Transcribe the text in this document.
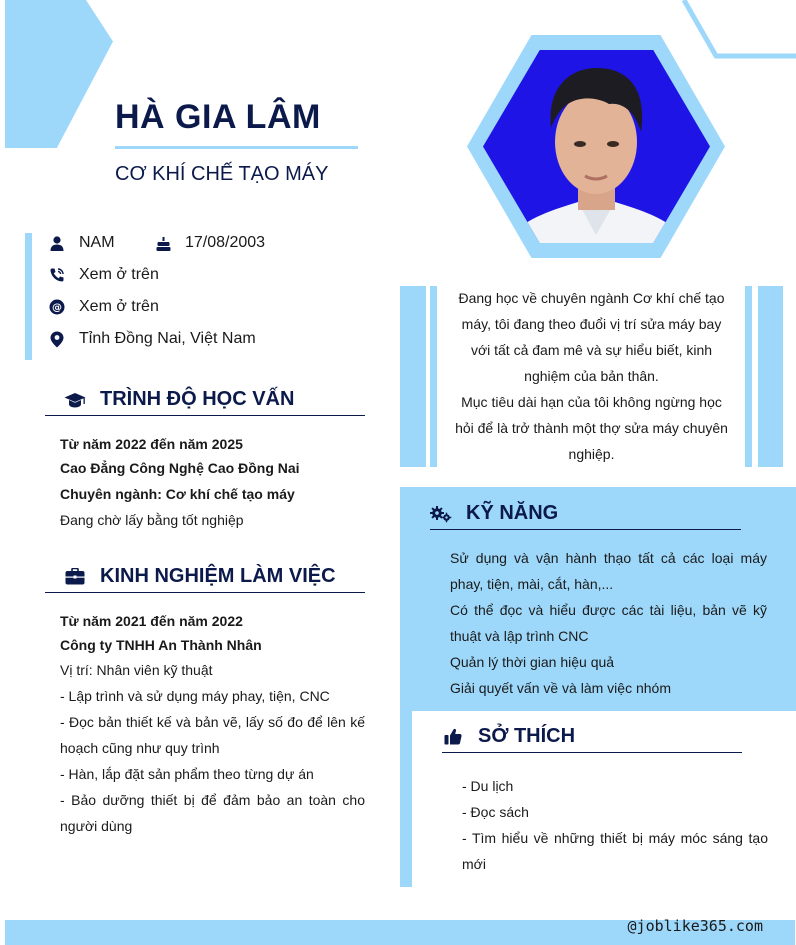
HÀ GIA LÂM
CƠ KHÍ CHẾ TẠO MÁY
NAM	17/08/2003
Xem ở trên
@ Xem ở trên
Tỉnh Đồng Nai, Việt Nam
TRÌNH ĐỘ HỌC VẤN
Từ năm 2022 đến năm 2025
Cao Đẳng Công Nghệ Cao Đồng Nai
Chuyên ngành: Cơ khí chế tạo máy
Đang chờ lấy bằng tốt nghiệp
KINH NGHIỆM LÀM VIỆC
Từ năm 2021 đến năm 2022
Công ty TNHH An Thành Nhân
Vị trí: Nhân viên kỹ thuật
- Lập trình và sử dụng máy phay, tiện, CNC
- Đọc bản thiết kế và bản vẽ, lấy số đo để lên kế hoạch cũng như quy trình
- Hàn, lắp đặt sản phẩm theo từng dự án
- Bảo dưỡng thiết bị để đảm bảo an toàn cho người dùng
Đang học về chuyên ngành Cơ khí chế tạo máy, tôi đang theo đuổi vị trí sửa máy bay với tất cả đam mê và sự hiểu biết, kinh nghiệm của bản thân.
Mục tiêu dài hạn của tôi không ngừng học hỏi để là trở thành một thợ sửa máy chuyên nghiệp.
KỸ NĂNG
Sử dụng và vận hành thạo tất cả các loại máy phay, tiện, mài, cắt, hàn,...
Có thể đọc và hiểu được các tài liệu, bản vẽ kỹ thuật và lập trình CNC
Quản lý thời gian hiệu quả
Giải quyết vấn về và làm việc nhóm
SỞ THÍCH
- Du lịch
- Đọc sách
- Tìm hiểu về những thiết bị máy móc sáng tạo mới
@joblike365.com
